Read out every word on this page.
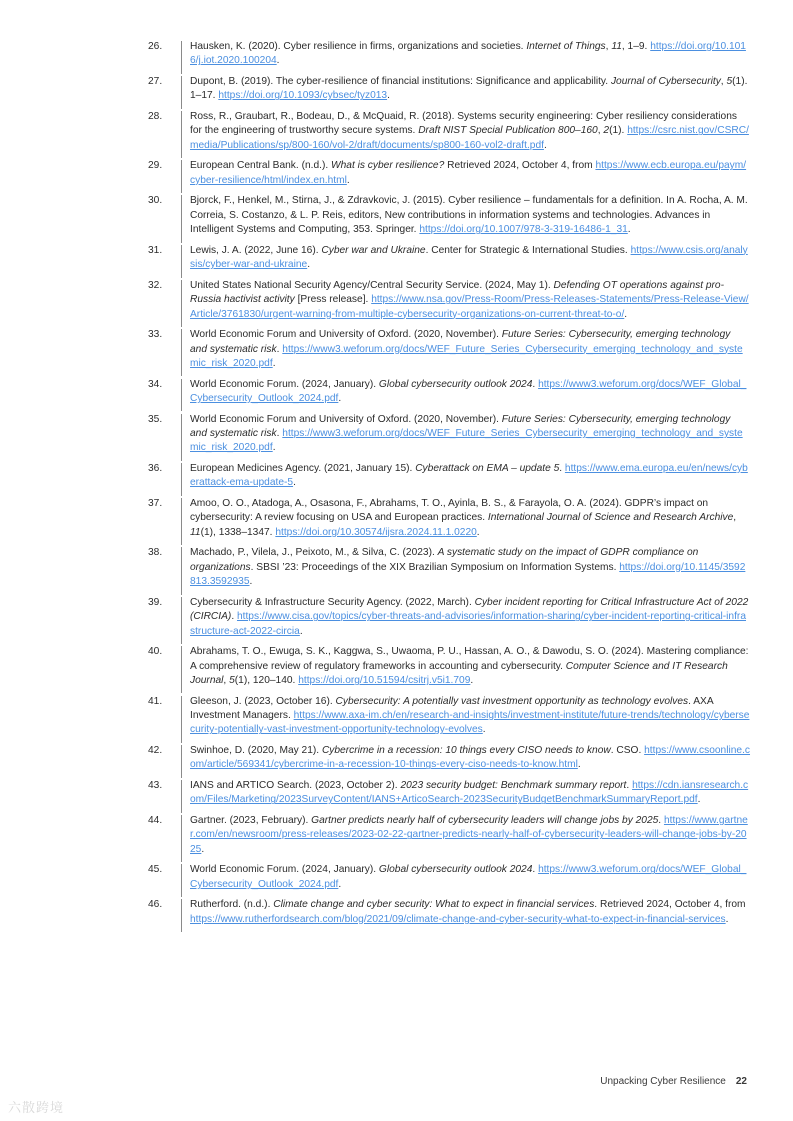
26.	Hausken, K. (2020). Cyber resilience in firms, organizations and societies. Internet of Things, 11, 1–9. https://doi.org/10.1016/j.iot.2020.100204.
27.	Dupont, B. (2019). The cyber-resilience of financial institutions: Significance and applicability. Journal of Cybersecurity, 5(1). 1–17. https://doi.org/10.1093/cybsec/tyz013.
28.	Ross, R., Graubart, R., Bodeau, D., & McQuaid, R. (2018). Systems security engineering: Cyber resiliency considerations for the engineering of trustworthy secure systems. Draft NIST Special Publication 800–160, 2(1). https://csrc.nist.gov/CSRC/media/Publications/sp/800-160/vol-2/draft/documents/sp800-160-vol2-draft.pdf.
29.	European Central Bank. (n.d.). What is cyber resilience? Retrieved 2024, October 4, from https://www.ecb.europa.eu/paym/cyber-resilience/html/index.en.html.
30.	Bjorck, F., Henkel, M., Stirna, J., & Zdravkovic, J. (2015). Cyber resilience – fundamentals for a definition. In A. Rocha, A. M. Correia, S. Costanzo, & L. P. Reis, editors, New contributions in information systems and technologies. Advances in Intelligent Systems and Computing, 353. Springer. https://doi.org/10.1007/978-3-319-16486-1_31.
31.	Lewis, J. A. (2022, June 16). Cyber war and Ukraine. Center for Strategic & International Studies. https://www.csis.org/analysis/cyber-war-and-ukraine.
32.	United States National Security Agency/Central Security Service. (2024, May 1). Defending OT operations against pro-Russia hactivist activity [Press release]. https://www.nsa.gov/Press-Room/Press-Releases-Statements/Press-Release-View/Article/3761830/urgent-warning-from-multiple-cybersecurity-organizations-on-current-threat-to-o/.
33.	World Economic Forum and University of Oxford. (2020, November). Future Series: Cybersecurity, emerging technology and systematic risk. https://www3.weforum.org/docs/WEF_Future_Series_Cybersecurity_emerging_technology_and_systemic_risk_2020.pdf.
34.	World Economic Forum. (2024, January). Global cybersecurity outlook 2024. https://www3.weforum.org/docs/WEF_Global_Cybersecurity_Outlook_2024.pdf.
35.	World Economic Forum and University of Oxford. (2020, November). Future Series: Cybersecurity, emerging technology and systematic risk. https://www3.weforum.org/docs/WEF_Future_Series_Cybersecurity_emerging_technology_and_systemic_risk_2020.pdf.
36.	European Medicines Agency. (2021, January 15). Cyberattack on EMA – update 5. https://www.ema.europa.eu/en/news/cyberattack-ema-update-5.
37.	Amoo, O. O., Atadoga, A., Osasona, F., Abrahams, T. O., Ayinla, B. S., & Farayola, O. A. (2024). GDPR’s impact on cybersecurity: A review focusing on USA and European practices. International Journal of Science and Research Archive, 11(1), 1338–1347. https://doi.org/10.30574/ijsra.2024.11.1.0220.
38.	Machado, P., Vilela, J., Peixoto, M., & Silva, C. (2023). A systematic study on the impact of GDPR compliance on organizations. SBSI ’23: Proceedings of the XIX Brazilian Symposium on Information Systems. https://doi.org/10.1145/3592813.3592935.
39.	Cybersecurity & Infrastructure Security Agency. (2022, March). Cyber incident reporting for Critical Infrastructure Act of 2022 (CIRCIA). https://www.cisa.gov/topics/cyber-threats-and-advisories/information-sharing/cyber-incident-reporting-critical-infrastructure-act-2022-circia.
40.	Abrahams, T. O., Ewuga, S. K., Kaggwa, S., Uwaoma, P. U., Hassan, A. O., & Dawodu, S. O. (2024). Mastering compliance: A comprehensive review of regulatory frameworks in accounting and cybersecurity. Computer Science and IT Research Journal, 5(1), 120–140. https://doi.org/10.51594/csitrj.v5i1.709.
41.	Gleeson, J. (2023, October 16). Cybersecurity: A potentially vast investment opportunity as technology evolves. AXA Investment Managers. https://www.axa-im.ch/en/research-and-insights/investment-institute/future-trends/technology/cybersecurity-potentially-vast-investment-opportunity-technology-evolves.
42.	Swinhoe, D. (2020, May 21). Cybercrime in a recession: 10 things every CISO needs to know. CSO. https://www.csoonline.com/article/569341/cybercrime-in-a-recession-10-things-every-ciso-needs-to-know.html.
43.	IANS and ARTICO Search. (2023, October 2). 2023 security budget: Benchmark summary report. https://cdn.iansresearch.com/Files/Marketing/2023SurveyContent/IANS+ArticoSearch-2023SecurityBudgetBenchmarkSummaryReport.pdf.
44.	Gartner. (2023, February). Gartner predicts nearly half of cybersecurity leaders will change jobs by 2025. https://www.gartner.com/en/newsroom/press-releases/2023-02-22-gartner-predicts-nearly-half-of-cybersecurity-leaders-will-change-jobs-by-2025.
45.	World Economic Forum. (2024, January). Global cybersecurity outlook 2024. https://www3.weforum.org/docs/WEF_Global_Cybersecurity_Outlook_2024.pdf.
46.	Rutherford. (n.d.). Climate change and cyber security: What to expect in financial services. Retrieved 2024, October 4, from https://www.rutherfordsearch.com/blog/2021/09/climate-change-and-cyber-security-what-to-expect-in-financial-services.
Unpacking Cyber Resilience 22
六散跨境
